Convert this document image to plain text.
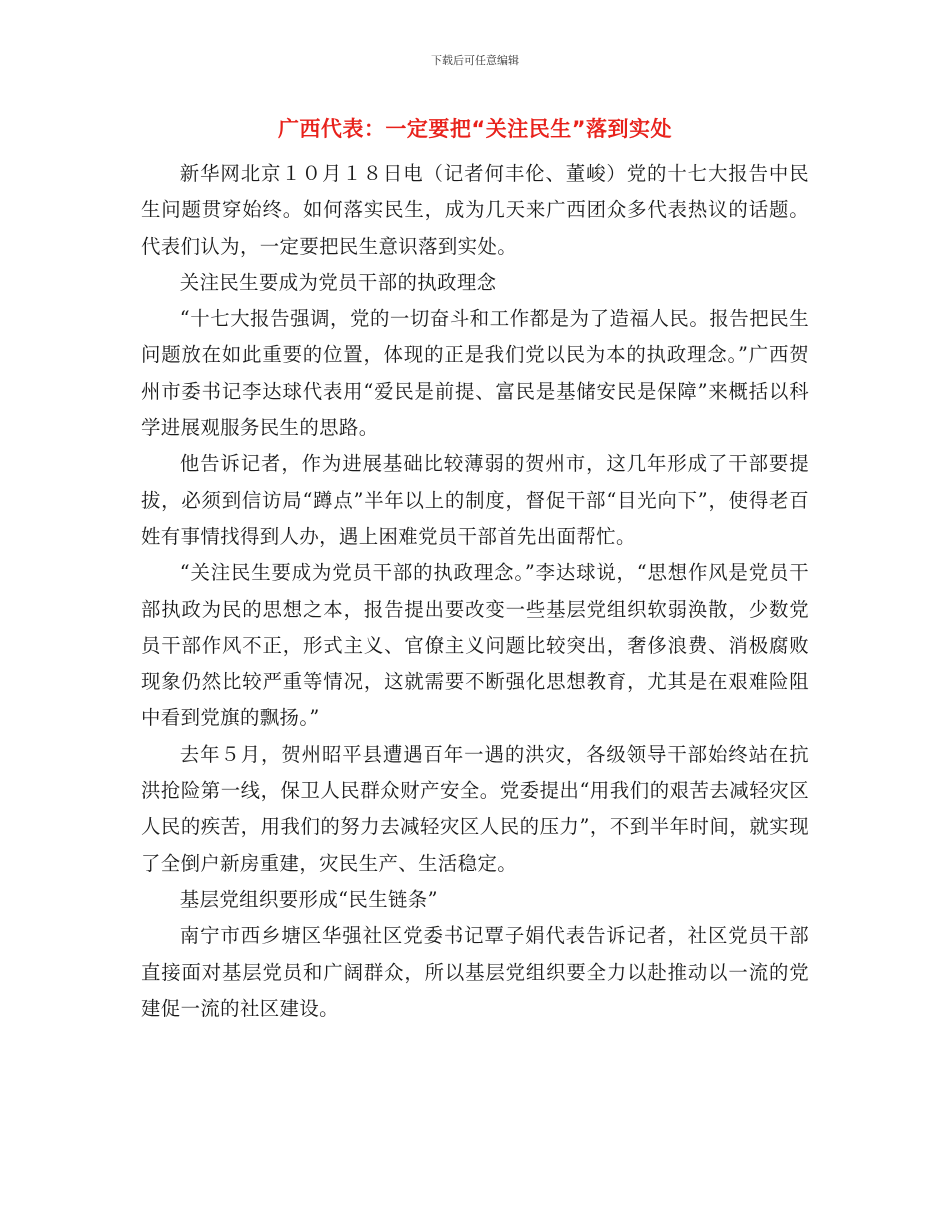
下载后可任意编辑
广西代表：一定要把“关注民生”落到实处

新华网北京１０月１８日电（记者何丰伦、董峻）党的十七大报告中民生问题贯穿始终。如何落实民生，成为几天来广西团众多代表热议的话题。代表们认为，一定要把民生意识落到实处。

关注民生要成为党员干部的执政理念

“十七大报告强调，党的一切奋斗和工作都是为了造福人民。报告把民生问题放在如此重要的位置，体现的正是我们党以民为本的执政理念。”广西贺州市委书记李达球代表用“爱民是前提、富民是基储安民是保障”来概括以科学进展观服务民生的思路。

他告诉记者，作为进展基础比较薄弱的贺州市，这几年形成了干部要提拔，必须到信访局“蹲点”半年以上的制度，督促干部“目光向下”，使得老百姓有事情找得到人办，遇上困难党员干部首先出面帮忙。

“关注民生要成为党员干部的执政理念。”李达球说，“思想作风是党员干部执政为民的思想之本，报告提出要改变一些基层党组织软弱涣散，少数党员干部作风不正，形式主义、官僚主义问题比较突出，奢侈浪费、消极腐败现象仍然比较严重等情况，这就需要不断强化思想教育，尤其是在艰难险阻中看到党旗的飘扬。”

去年５月，贺州昭平县遭遇百年一遇的洪灾，各级领导干部始终站在抗洪抢险第一线，保卫人民群众财产安全。党委提出“用我们的艰苦去减轻灾区人民的疾苦，用我们的努力去减轻灾区人民的压力”，不到半年时间，就实现了全倒户新房重建，灾民生产、生活稳定。

基层党组织要形成“民生链条”

南宁市西乡塘区华强社区党委书记覃子娟代表告诉记者，社区党员干部直接面对基层党员和广阔群众，所以基层党组织要全力以赴推动以一流的党建促一流的社区建设。
